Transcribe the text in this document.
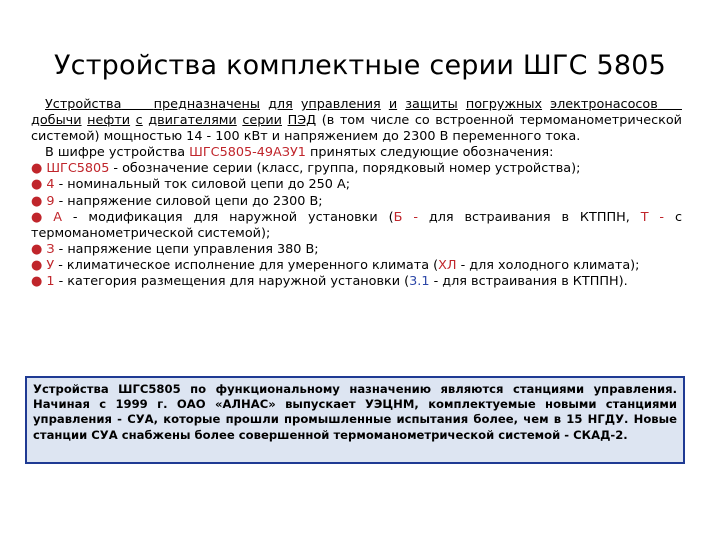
Устройства комплектные серии ШГС 5805

Устройства	предназначены для управления и защиты погружных электронасосов    добычи нефти с двигателями серии ПЭД (в том числе со встроенной термоманометрической системой) мощностью 14 - 100 кВт и напряжением до 2300 В переменного тока.

В шифре устройства ШГС5805-49АЗУ1 принятых следующие обозначения:

● ШГС5805 - обозначение серии (класс, группа, порядковый номер устройства);

● 4 - номинальный ток силовой цепи до 250 А;

● 9 - напряжение силовой цепи до 2300 В;

● А - модификация для наружной установки (Б - для встраивания в КТППН, Т - с термоманометрической системой);

● З - напряжение цепи управления 380 В;

● У - климатическое исполнение для умеренного климата (ХЛ - для холодного климата);

● 1 - категория размещения для наружной установки (3.1 - для встраивания в КТППН).

Устройства ШГС5805 по функциональному назначению являются станциями управления. Начиная с 1999 г. ОАО «АЛНАС» выпускает УЭЦНМ, комплектуемые новыми станциями управления - СУА, которые прошли промышленные испытания более, чем в 15 НГДУ. Новые станции СУА снабжены более совершенной термоманометрической системой - СКАД-2.
